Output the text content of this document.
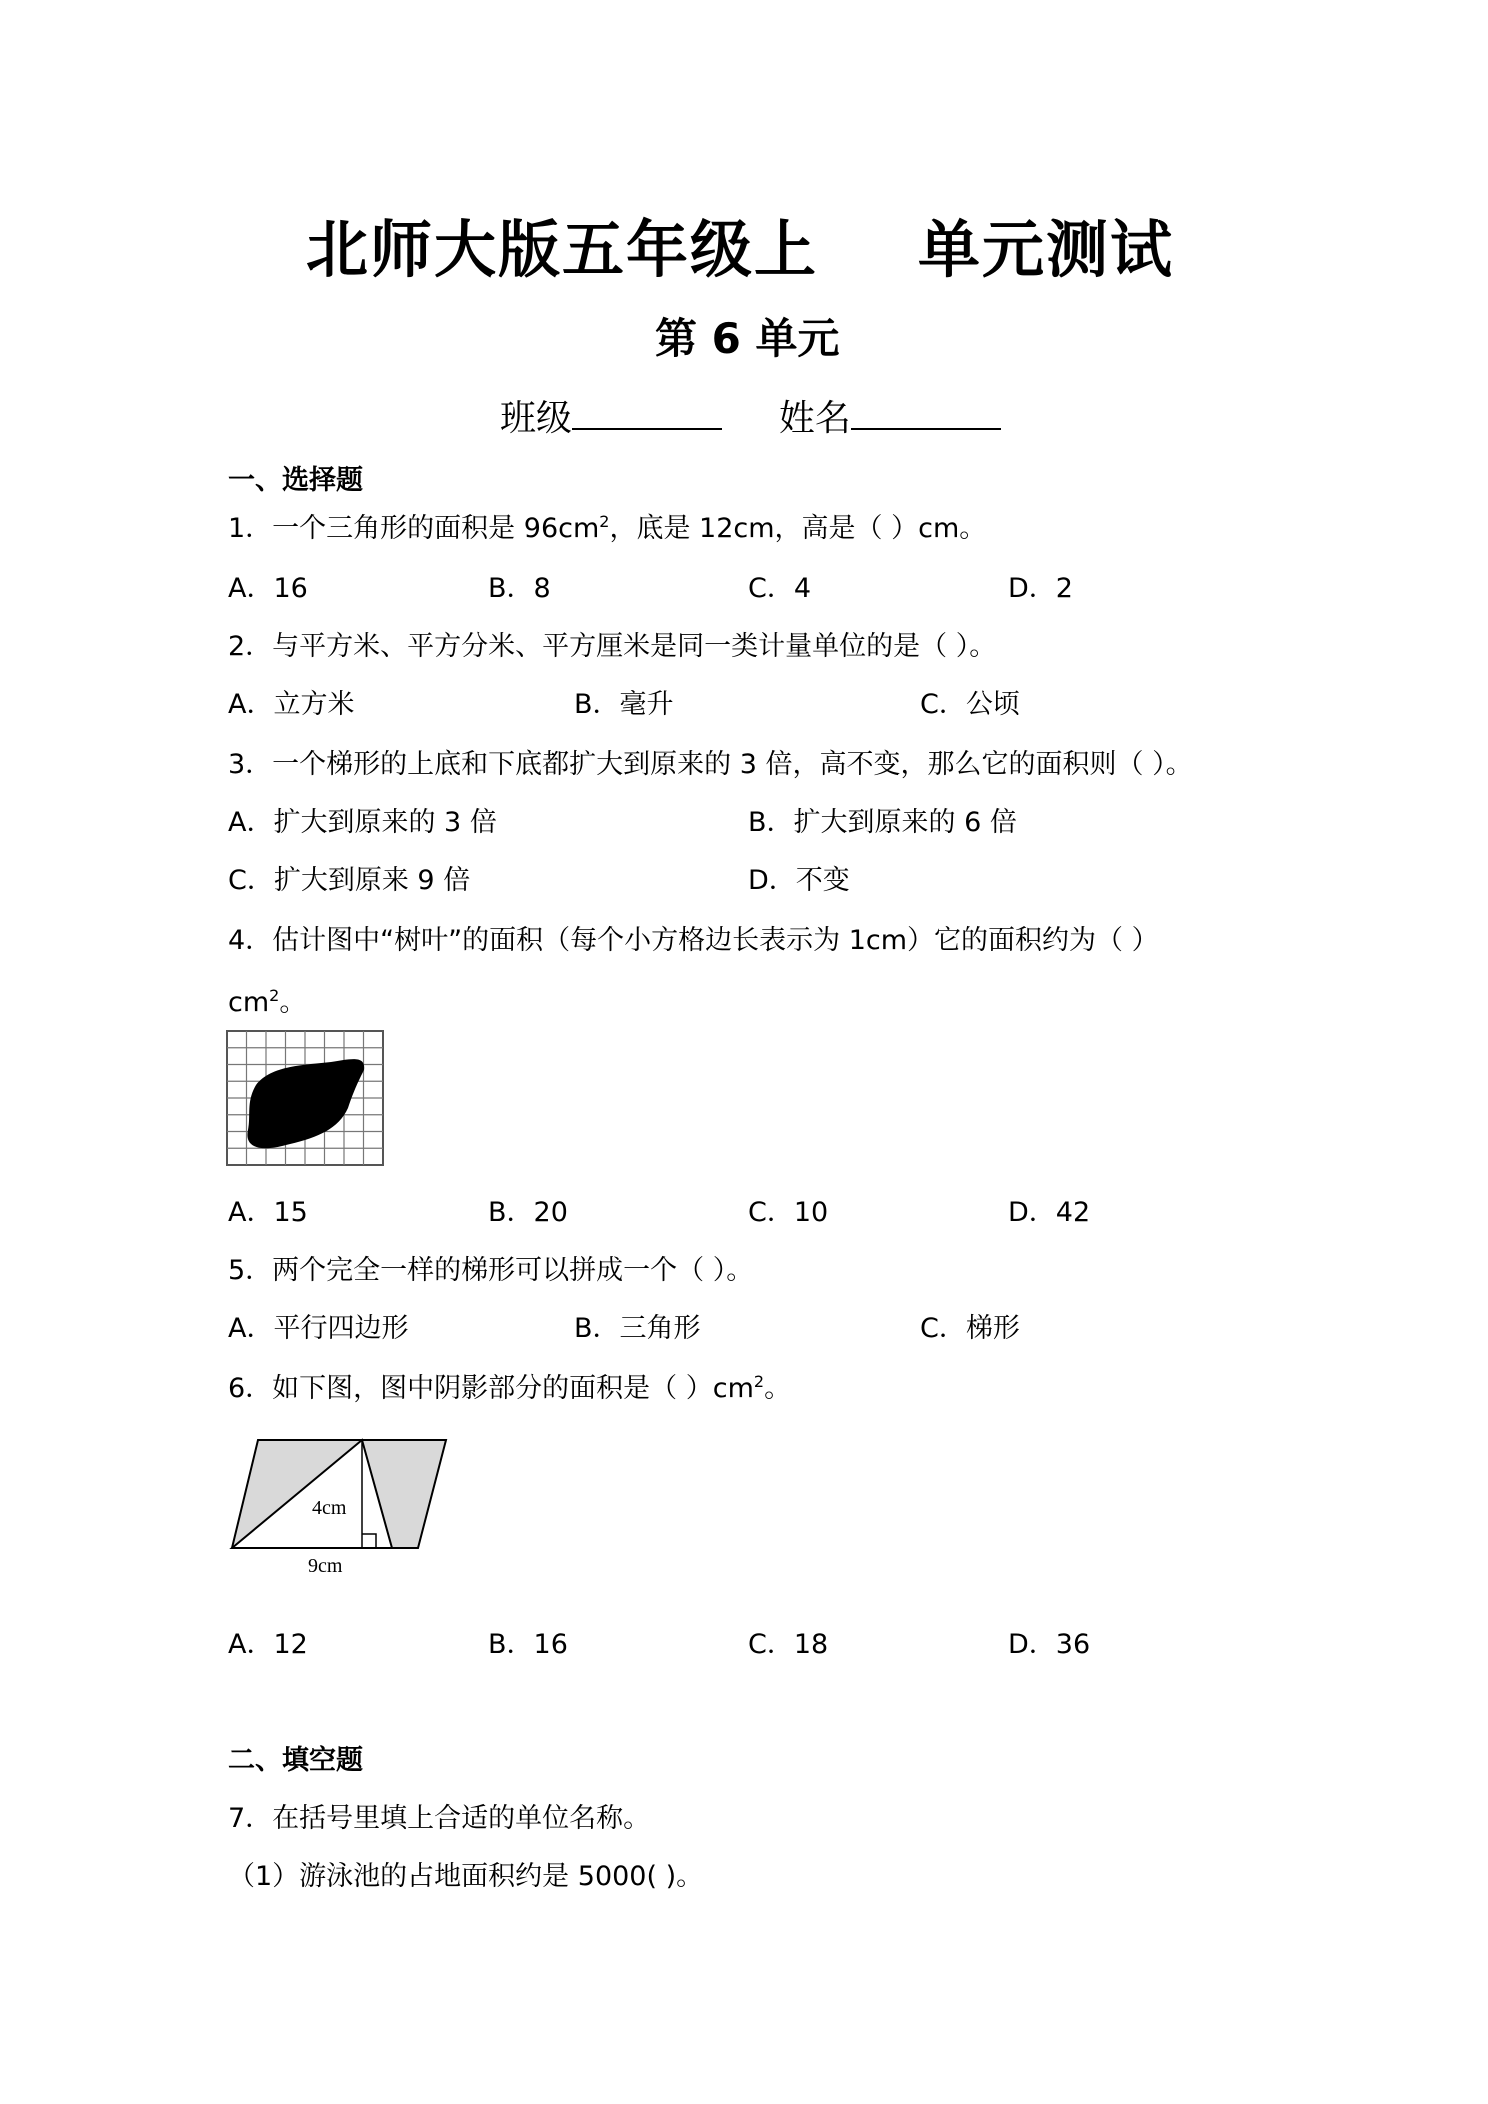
北师大版五年级上 单元测试
第 6 单元
班级	姓名
一、选择题
1．一个三角形的面积是 $96cm^2$，底是 12cm，高是（ ）cm。
A．16	B．8	C．4	D．2
2．与平方米、平方分米、平方厘米是同一类计量单位的是（ ）。
A．立方米	B．毫升	C．公顷
3．一个梯形的上底和下底都扩大到原来的 3 倍，高不变，那么它的面积则（ ）。
A．扩大到原来的 3 倍	B．扩大到原来的 6 倍
C．扩大到原来 9 倍	D．不变
4．估计图中“树叶”的面积（每个小方格边长表示为 1cm）它的面积约为（ ）
$cm^2$。
A．15	B．20	C．10	D．42
5．两个完全一样的梯形可以拼成一个（ ）。
A．平行四边形	B．三角形	C．梯形
6．如下图，图中阴影部分的面积是（ ）$cm^2$。
4cm
9cm
A．12	B．16	C．18	D．36
二、填空题
7．在括号里填上合适的单位名称。
（1）游泳池的占地面积约是 5000( )。
